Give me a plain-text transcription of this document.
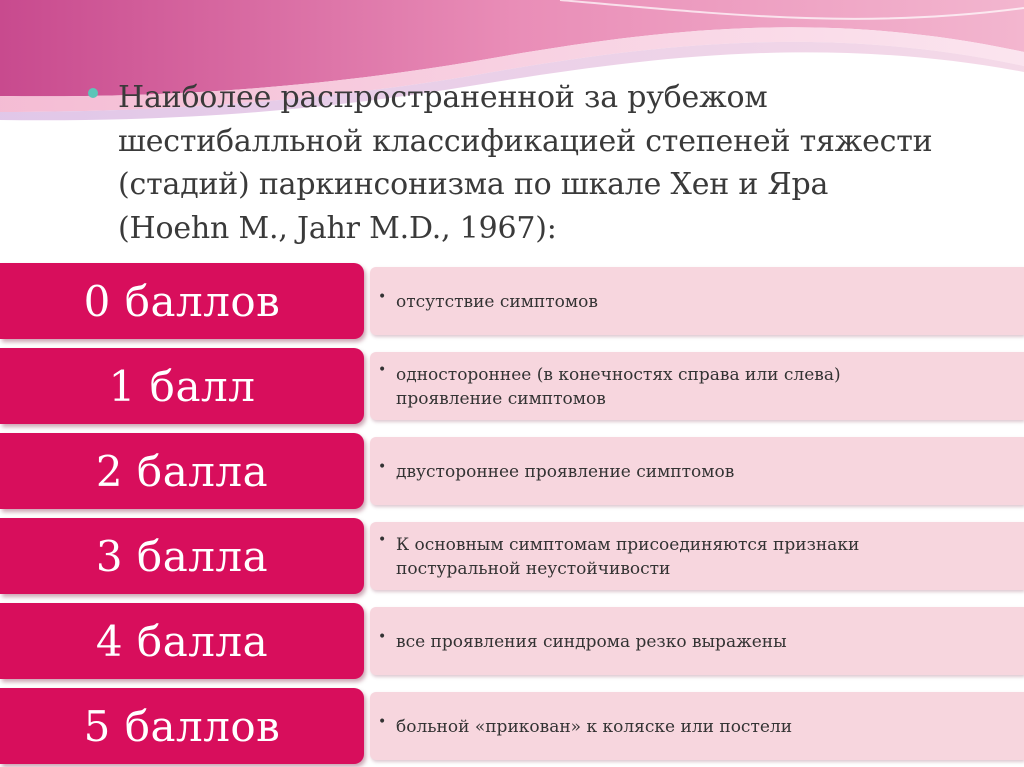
Наиболее распространенной за рубежом
шестибалльной классификацией степеней тяжести
(стадий) паркинсонизма по шкале Хен и Яра
(Hoehn M., Jahr M.D., 1967):

0 баллов	• отсутствие симптомов
1 балл	• одностороннее (в конечностях справа или слева)
проявление симптомов
2 балла	• двустороннее проявление симптомов
3 балла	• К основным симптомам присоединяются признаки
постуральной неустойчивости
4 балла	• все проявления синдрома резко выражены
5 баллов	• больной «прикован» к коляске или постели
